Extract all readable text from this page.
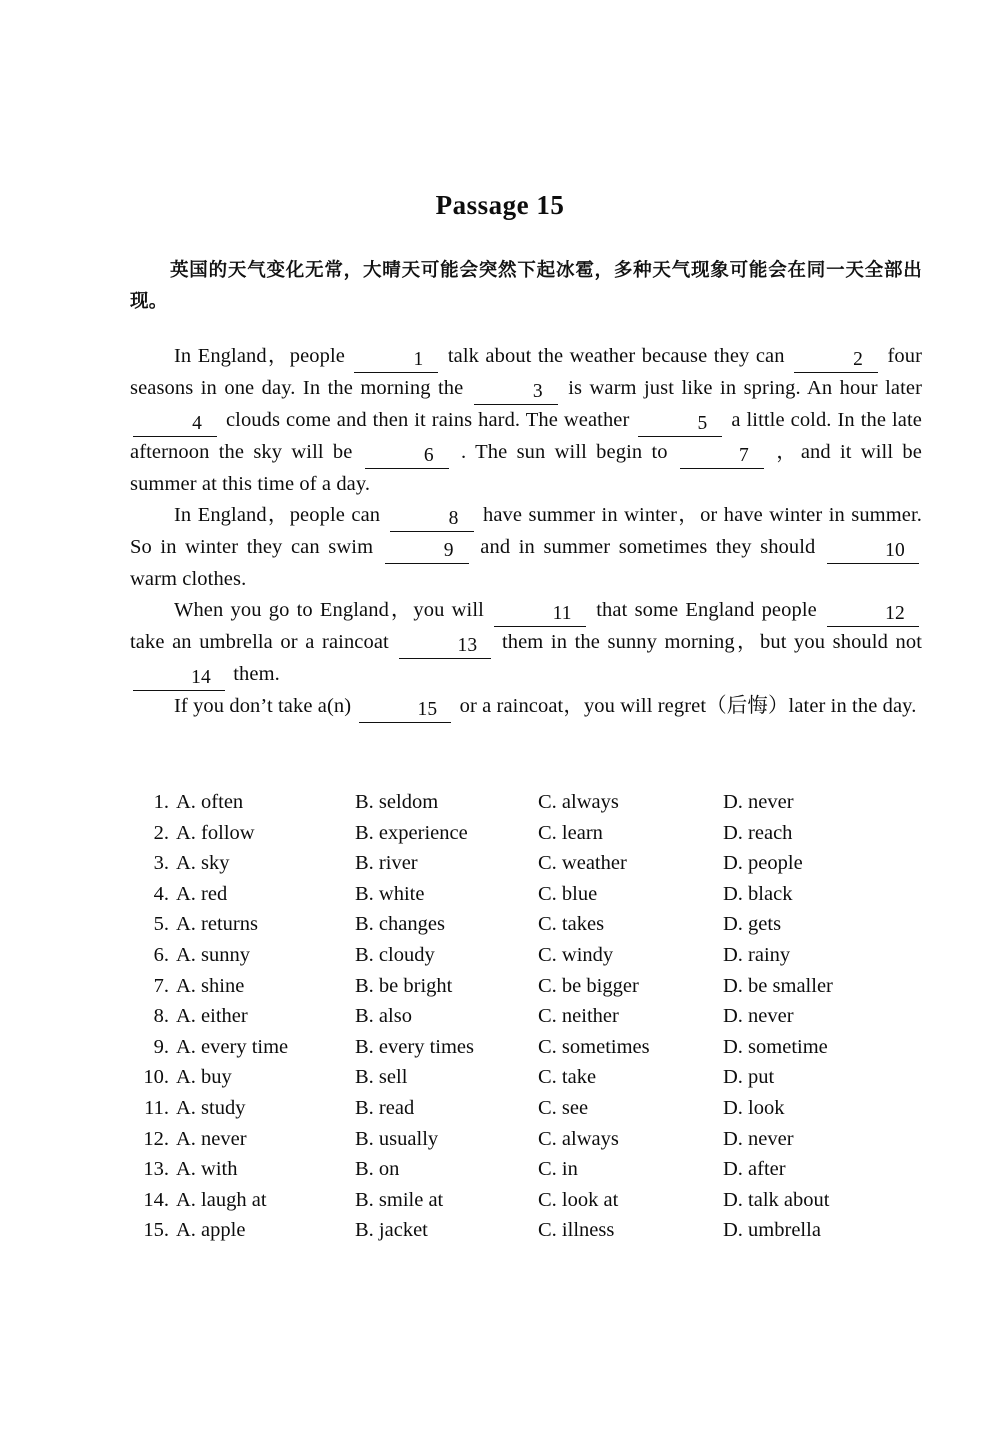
Passage 15

英国的天气变化无常，大晴天可能会突然下起冰雹，多种天气现象可能会在同一天全部出现。

In England，people	1 talk about the weather because they can	2 four seasons in one day. In the morning the	3 is warm just like in spring. An hour later 4 clouds come and then it rains hard. The weather	5 a little cold. In the late afternoon the sky will be	6 . The sun will begin to	7 ，and it will be summer at this time of a day.

In England，people can	8 have summer in winter，or have winter in summer. So in winter they can swim	9 and in summer sometimes they should	10 warm clothes.

When you go to England，you will	11 that some England people	12 take an umbrella or a raincoat	13 them in the sunny morning，but you should not 14 them.

If you don’t take a(n)	15 or a raincoat，you will regret（后悔）later in the day.

1. A. often	B. seldom	C. always	D. never
2. A. follow	B. experience	C. learn	D. reach
3. A. sky	B. river	C. weather	D. people
4. A. red	B. white	C. blue	D. black
5. A. returns	B. changes	C. takes	D. gets
6. A. sunny	B. cloudy	C. windy	D. rainy
7. A. shine	B. be bright	C. be bigger	D. be smaller
8. A. either	B. also	C. neither	D. never
9. A. every time	B. every times	C. sometimes	D. sometime
10. A. buy	B. sell	C. take	D. put
11. A. study	B. read	C. see	D. look
12. A. never	B. usually	C. always	D. never
13. A. with	B. on	C. in	D. after
14. A. laugh at	B. smile at	C. look at	D. talk about
15. A. apple	B. jacket	C. illness	D. umbrella
